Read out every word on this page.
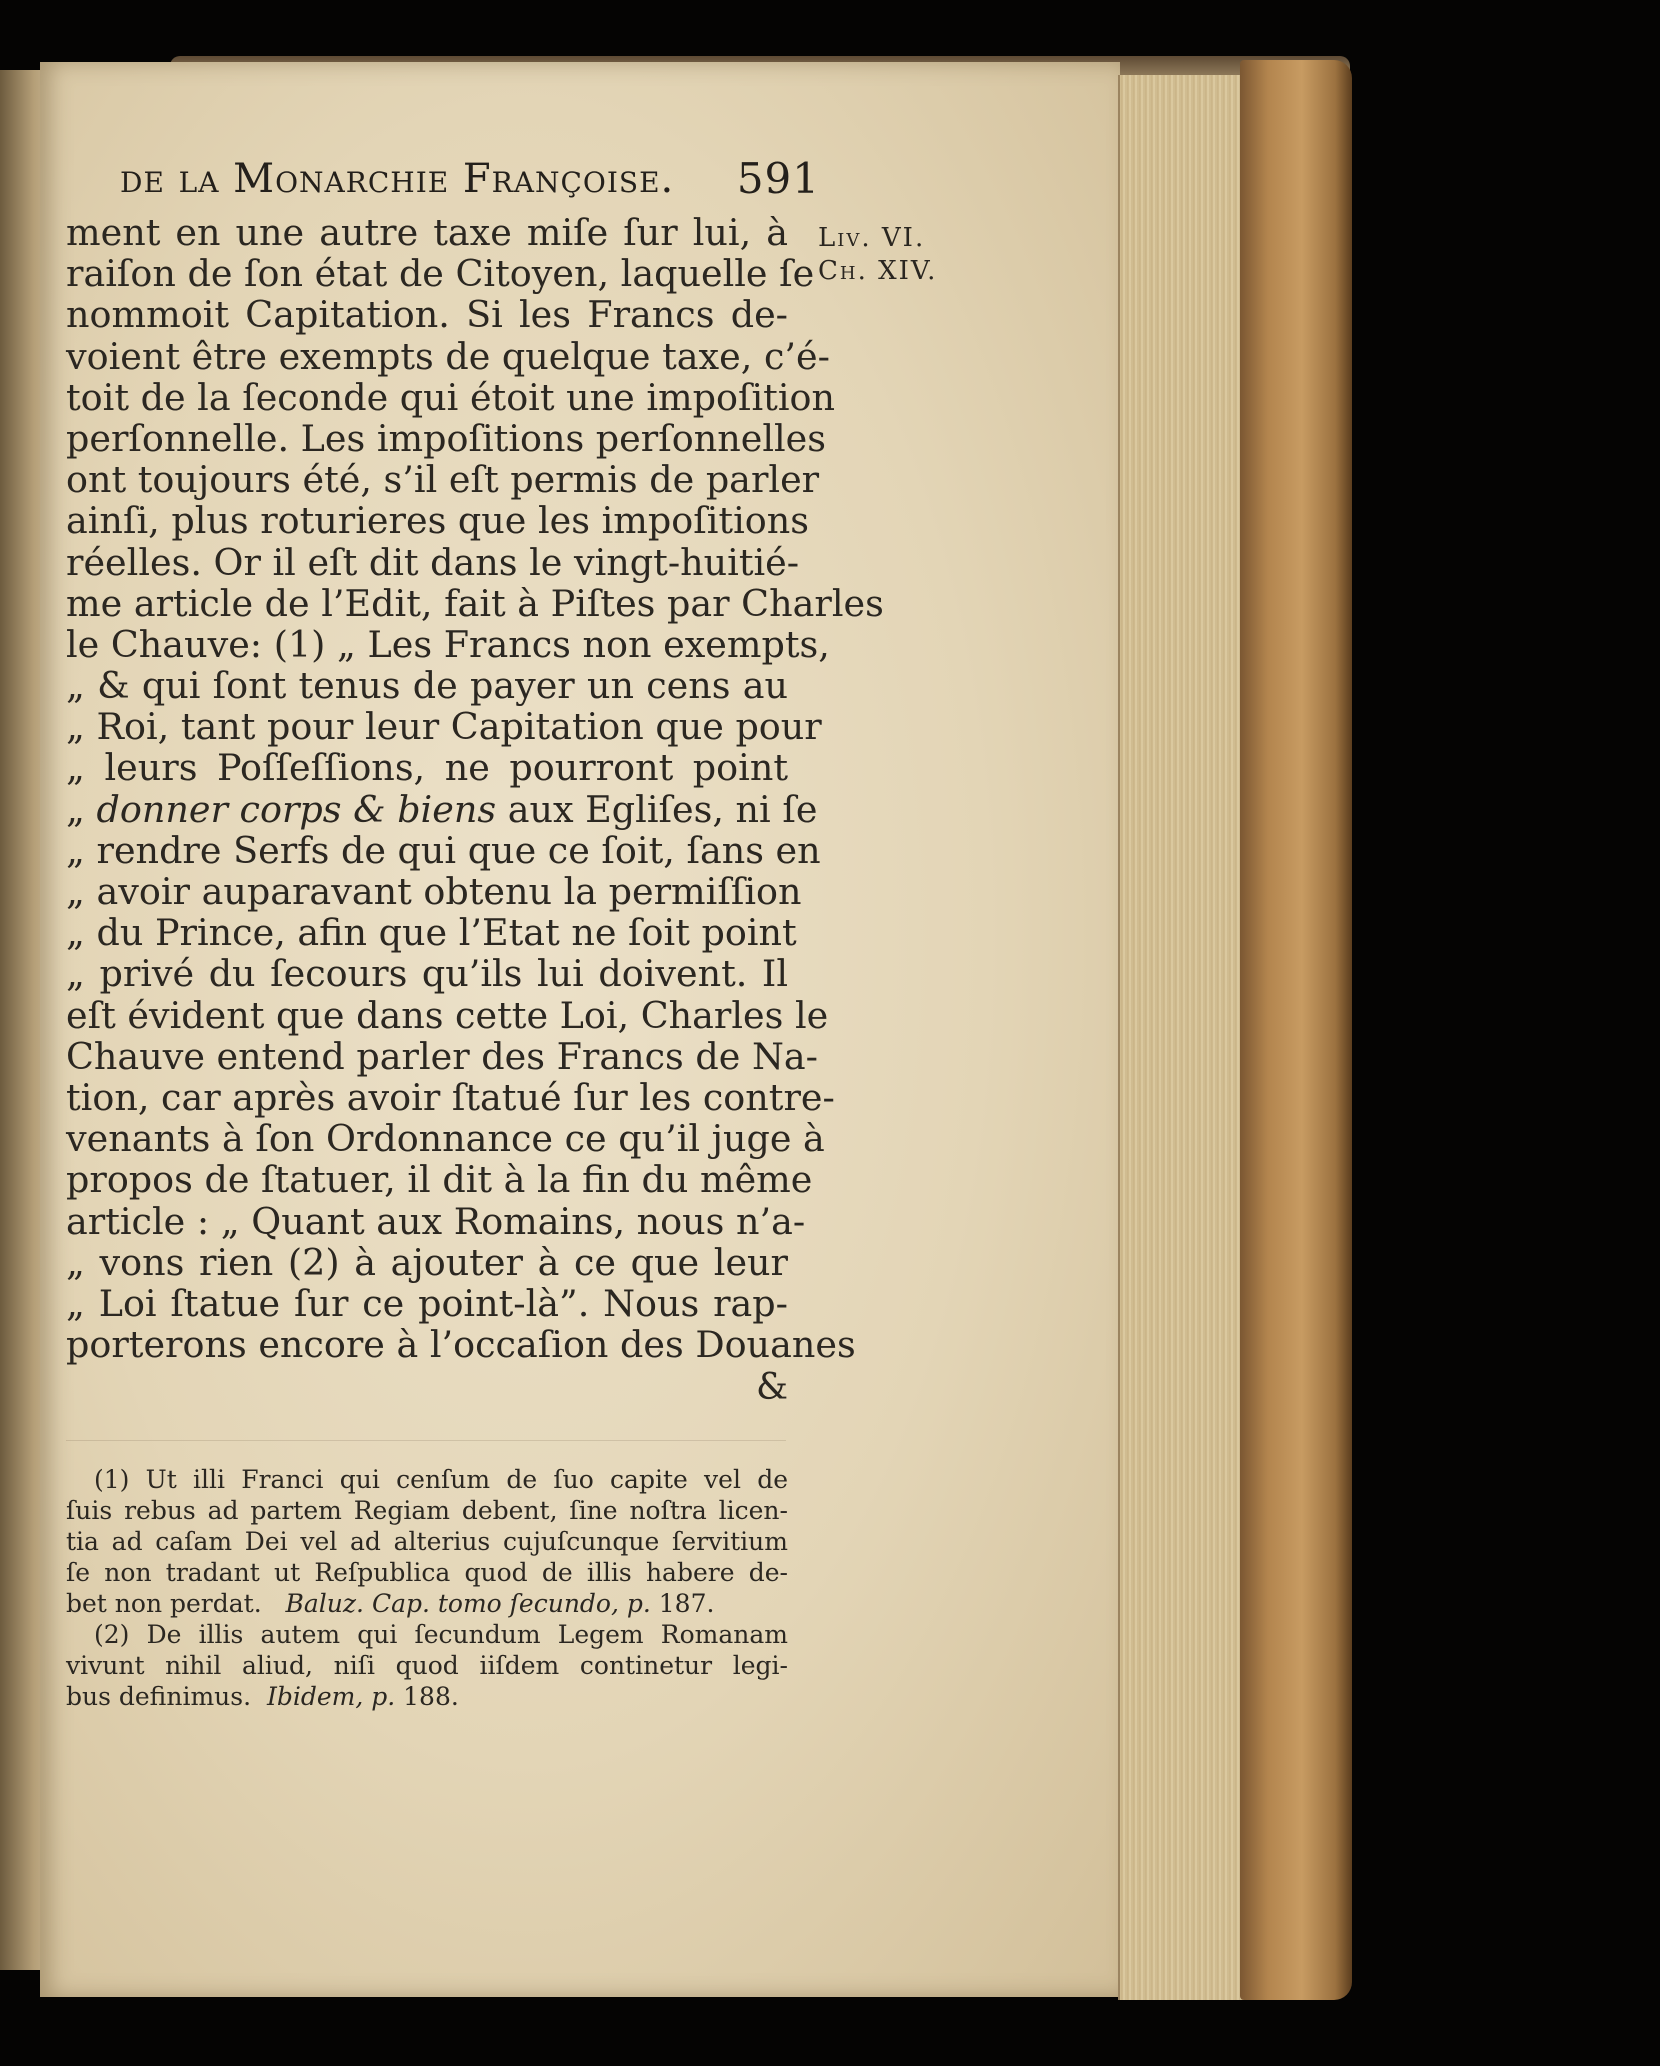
de la Monarchie Françoise. 591
Liv. VI.
Ch. XIV.
ment en une autre taxe miſe ſur lui, à
raiſon de ſon état de Citoyen, laquelle ſe
nommoit Capitation. Si les Francs de-
voient être exempts de quelque taxe, c’é-
toit de la ſeconde qui étoit une impoſition
perſonnelle. Les impoſitions perſonnelles
ont toujours été, s’il eſt permis de parler
ainſi, plus roturieres que les impoſitions
réelles. Or il eſt dit dans le vingt-huitié-
me article de l’Edit, fait à Piſtes par Charles
le Chauve: (1) „ Les Francs non exempts,
„ & qui ſont tenus de payer un cens au
„ Roi, tant pour leur Capitation que pour
„ leurs Poſſeſſions, ne pourront point
„ donner corps & biens aux Egliſes, ni ſe
„ rendre Serfs de qui que ce ſoit, ſans en
„ avoir auparavant obtenu la permiſſion
„ du Prince, afin que l’Etat ne ſoit point
„ privé du ſecours qu’ils lui doivent. Il
eſt évident que dans cette Loi, Charles le
Chauve entend parler des Francs de Na-
tion, car après avoir ſtatué ſur les contre-
venants à ſon Ordonnance ce qu’il juge à
propos de ſtatuer, il dit à la fin du même
article : „ Quant aux Romains, nous n’a-
„ vons rien (2) à ajouter à ce que leur
„ Loi ſtatue ſur ce point-là”. Nous rap-
porterons encore à l’occaſion des Douanes
&
(1) Ut illi Franci qui cenſum de ſuo capite vel de
ſuis rebus ad partem Regiam debent, ſine noſtra licen-
tia ad caſam Dei vel ad alterius cujuſcunque ſervitium
ſe non tradant ut Reſpublica quod de illis habere de-
bet non perdat. Baluz. Cap. tomo ſecundo, p. 187.
(2) De illis autem qui ſecundum Legem Romanam
vivunt nihil aliud, niſi quod iiſdem continetur legi-
bus definimus. Ibidem, p. 188.
